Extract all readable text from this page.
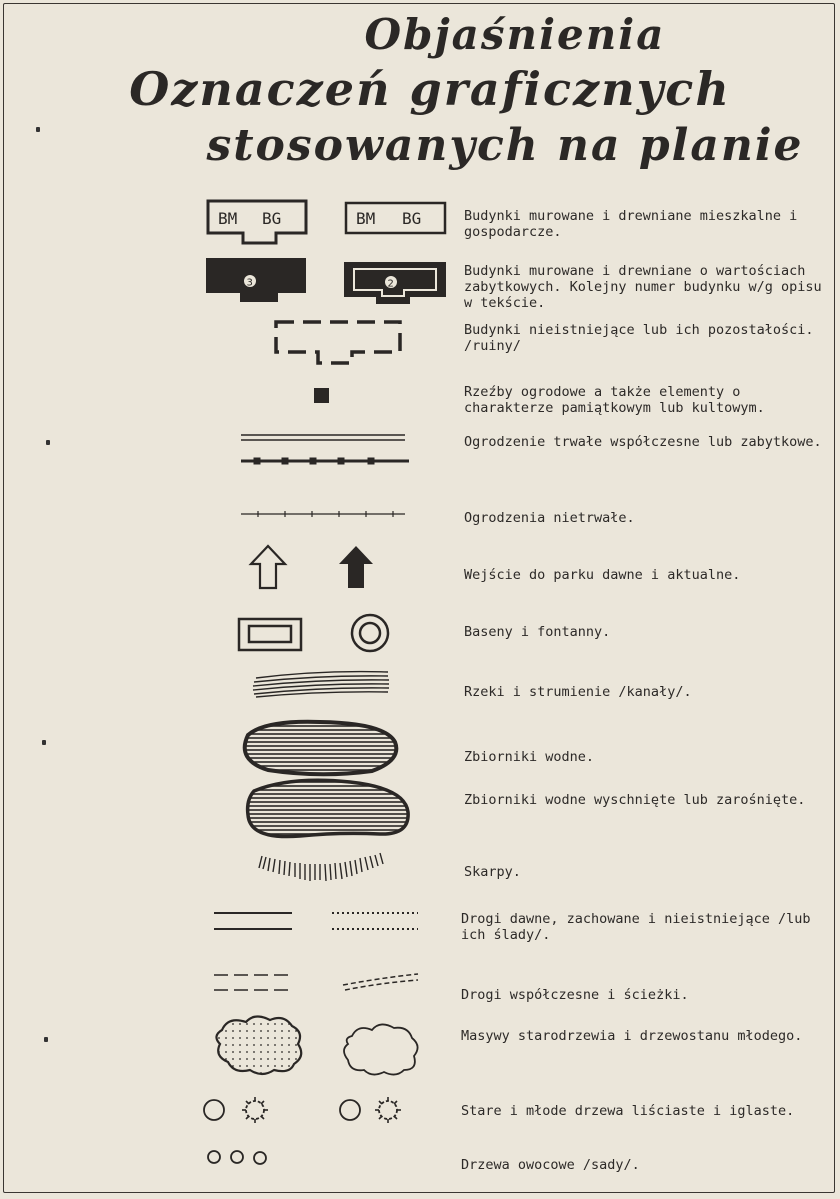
Objaśnienia
Oznaczeń graficznych
stosowanych na planie
Budynki murowane i drewniane mieszkalne i gospodarcze.
Budynki murowane i drewniane o wartościach zabytkowych. Kolejny numer budynku w/g opisu w tekście.
Budynki nieistniejące lub ich pozostałości. /ruiny/
Rzeźby ogrodowe a także elementy o charakterze pamiątkowym lub kultowym.
Ogrodzenie trwałe współczesne lub zabytkowe.
Ogrodzenia nietrwałe.
Wejście do parku dawne i aktualne.
Baseny i fontanny.
Rzeki i strumienie /kanały/.
Zbiorniki wodne.
Zbiorniki wodne wyschnięte lub zarośnięte.
Skarpy.
Drogi dawne, zachowane i nieistniejące /lub ich ślady/.
Drogi współczesne i ścieżki.
Masywy starodrzewia i drzewostanu młodego.
Stare i młode drzewa liściaste i iglaste.
Drzewa owocowe /sady/.
BM BG	BM BG
3	2
